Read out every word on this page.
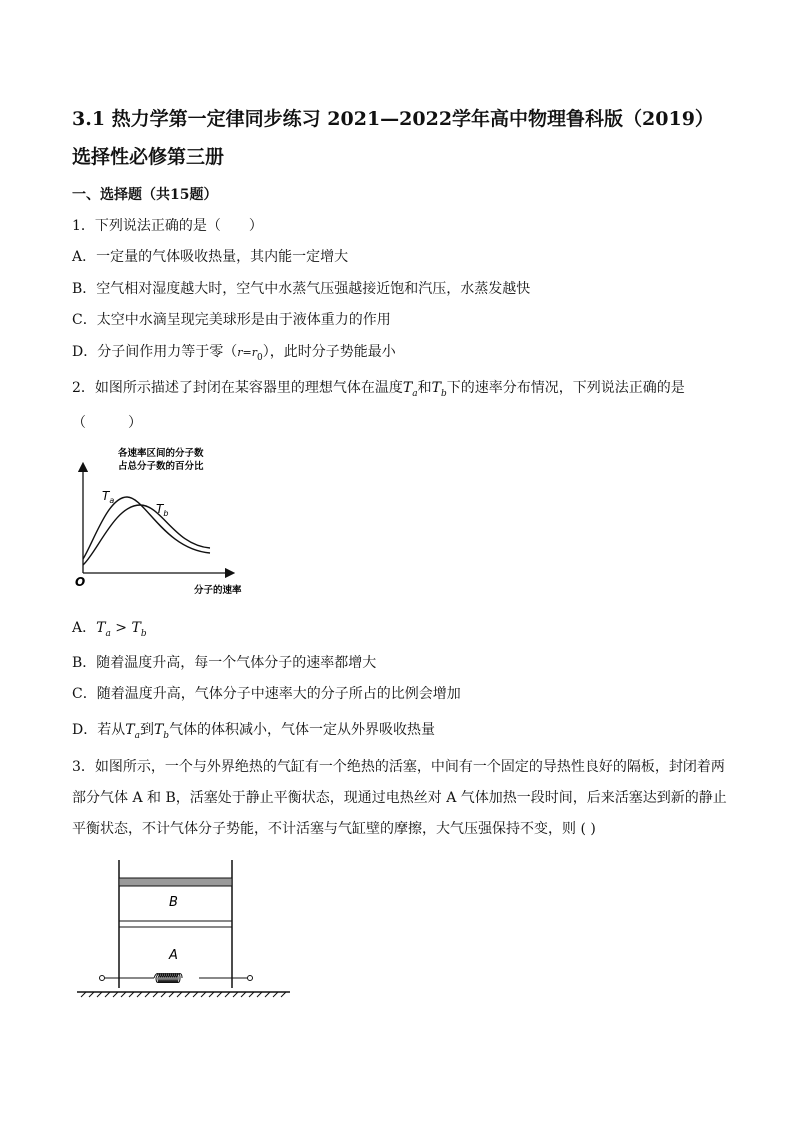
3.1 热力学第一定律同步练习 2021—2022学年高中物理鲁科版（2019）选择性必修第三册

一、选择题（共15题）

1．下列说法正确的是（　　）

A．一定量的气体吸收热量，其内能一定增大

B．空气相对湿度越大时，空气中水蒸气压强越接近饱和汽压，水蒸发越快

C．太空中水滴呈现完美球形是由于液体重力的作用

D．分子间作用力等于零$(r=r_0)$，此时分子势能最小

2．如图所示描述了封闭在某容器里的理想气体在温度$T_a$和$T_b$下的速率分布情况，下列说法正确的是

（　　　）

各速率区间的分子数
占总分子数的百分比
$T_a$
$T_b$
O
分子的速率

A．$T_a > T_b$

B．随着温度升高，每一个气体分子的速率都增大

C．随着温度升高，气体分子中速率大的分子所占的比例会增加

D．若从$T_a$到$T_b$气体的体积减小，气体一定从外界吸收热量

3．如图所示，一个与外界绝热的气缸有一个绝热的活塞，中间有一个固定的导热性良好的隔板，封闭着两部分气体 A 和 B，活塞处于静止平衡状态，现通过电热丝对 A 气体加热一段时间，后来活塞达到新的静止平衡状态，不计气体分子势能，不计活塞与气缸壁的摩擦，大气压强保持不变，则 ( )

B
A
